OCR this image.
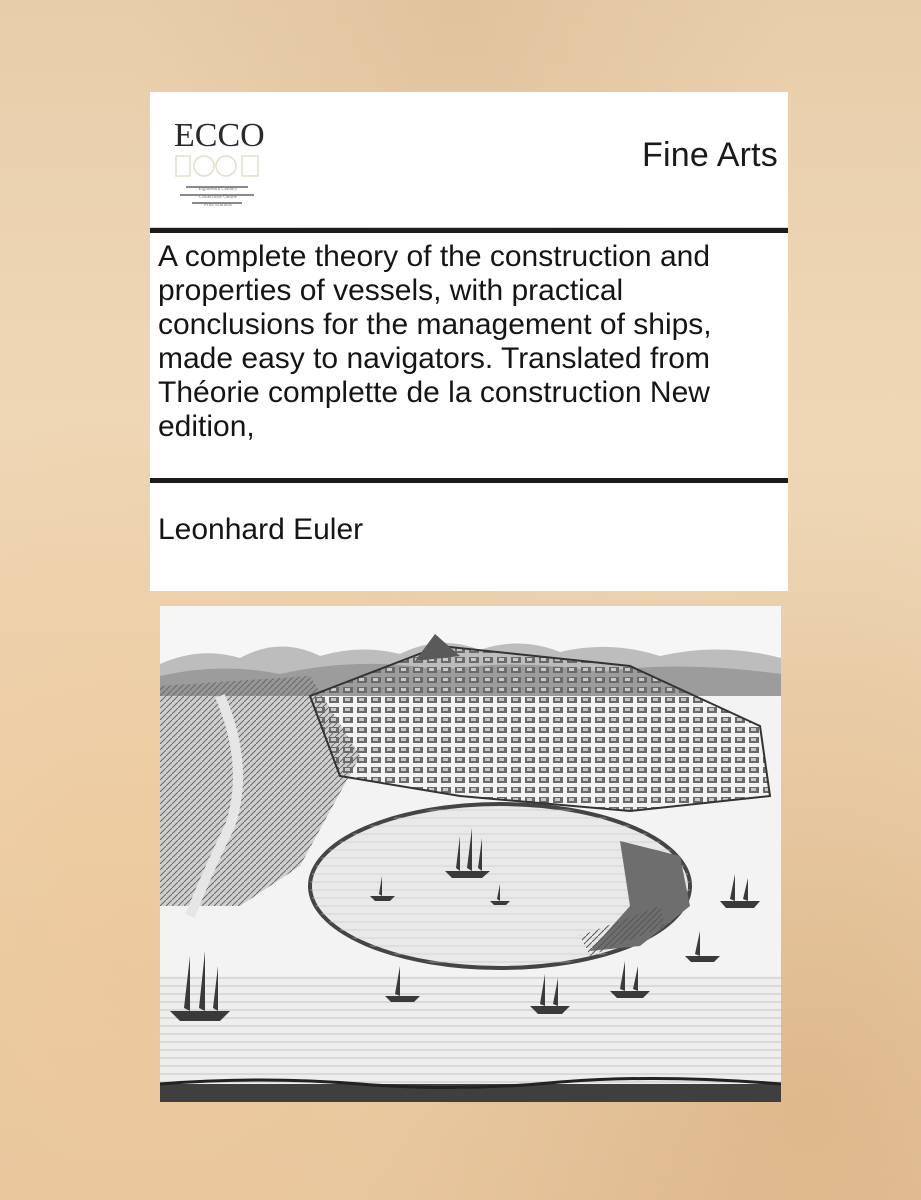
ECCO
Eighteenth Century
Collections Online
Print Editions
Fine Arts
A complete theory of the construction and properties of vessels, with practical conclusions for the management of ships, made easy to navigators. Translated from Théorie complette de la construction New edition,
Leonhard Euler
